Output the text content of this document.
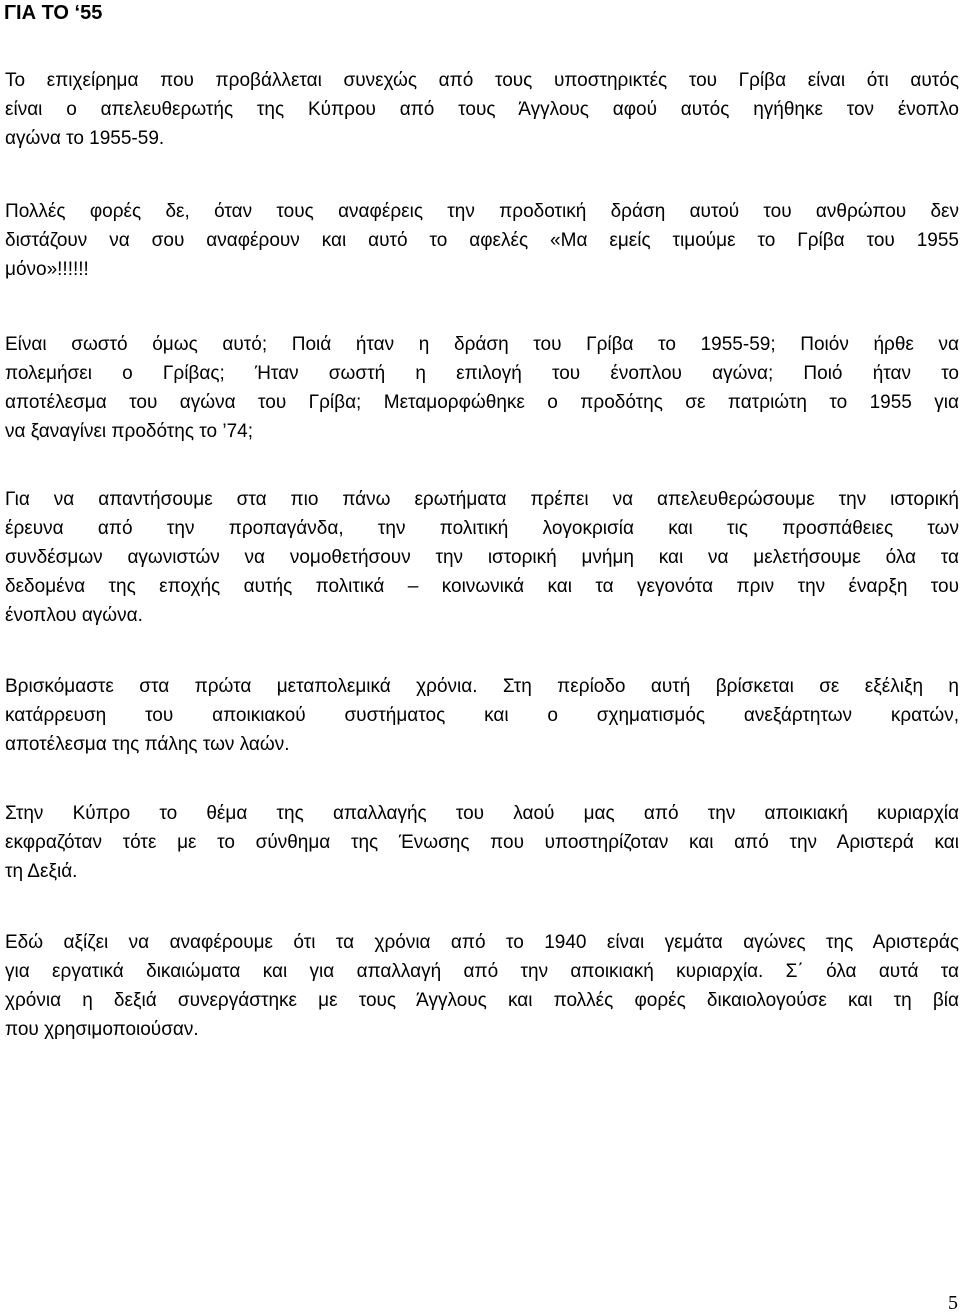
ΓΙΑ ΤΟ ‘55

Το επιχείρημα που προβάλλεται συνεχώς από τους υποστηρικτές του Γρίβα είναι ότι αυτός
είναι ο απελευθερωτής της Κύπρου από τους Άγγλους αφού αυτός ηγήθηκε τον ένοπλο
αγώνα το 1955-59.

Πολλές φορές δε, όταν τους αναφέρεις την προδοτική δράση αυτού του ανθρώπου δεν
διστάζουν να σου αναφέρουν και αυτό το αφελές «Μα εμείς τιμούμε το Γρίβα του 1955
μόνο»!!!!!!

Είναι σωστό όμως αυτό; Ποιά ήταν η δράση του Γρίβα το 1955-59; Ποιόν ήρθε να
πολεμήσει ο Γρίβας; Ήταν σωστή η επιλογή του ένοπλου αγώνα; Ποιό ήταν το
αποτέλεσμα του αγώνα του Γρίβα; Μεταμορφώθηκε ο προδότης σε πατριώτη το 1955 για
να ξαναγίνει προδότης το ’74;

Για να απαντήσουμε στα πιο πάνω ερωτήματα πρέπει να απελευθερώσουμε την ιστορική
έρευνα από την προπαγάνδα, την πολιτική λογοκρισία και τις προσπάθειες των
συνδέσμων αγωνιστών να νομοθετήσουν την ιστορική μνήμη και να μελετήσουμε όλα τα
δεδομένα της εποχής αυτής πολιτικά – κοινωνικά και τα γεγονότα πριν την έναρξη του
ένοπλου αγώνα.

Βρισκόμαστε στα πρώτα μεταπολεμικά χρόνια. Στη περίοδο αυτή βρίσκεται σε εξέλιξη η
κατάρρευση του αποικιακού συστήματος και ο σχηματισμός ανεξάρτητων κρατών,
αποτέλεσμα της πάλης των λαών.

Στην Κύπρο το θέμα της απαλλαγής του λαού μας από την αποικιακή κυριαρχία
εκφραζόταν τότε με το σύνθημα της Ένωσης που υποστηρίζοταν και από την Αριστερά και
τη Δεξιά.

Εδώ αξίζει να αναφέρουμε ότι τα χρόνια από το 1940 είναι γεμάτα αγώνες της Αριστεράς
για εργατικά δικαιώματα και για απαλλαγή από την αποικιακή κυριαρχία. Σ΄ όλα αυτά τα
χρόνια η δεξιά συνεργάστηκε με τους Άγγλους και πολλές φορές δικαιολογούσε και τη βία
που χρησιμοποιούσαν.

5
